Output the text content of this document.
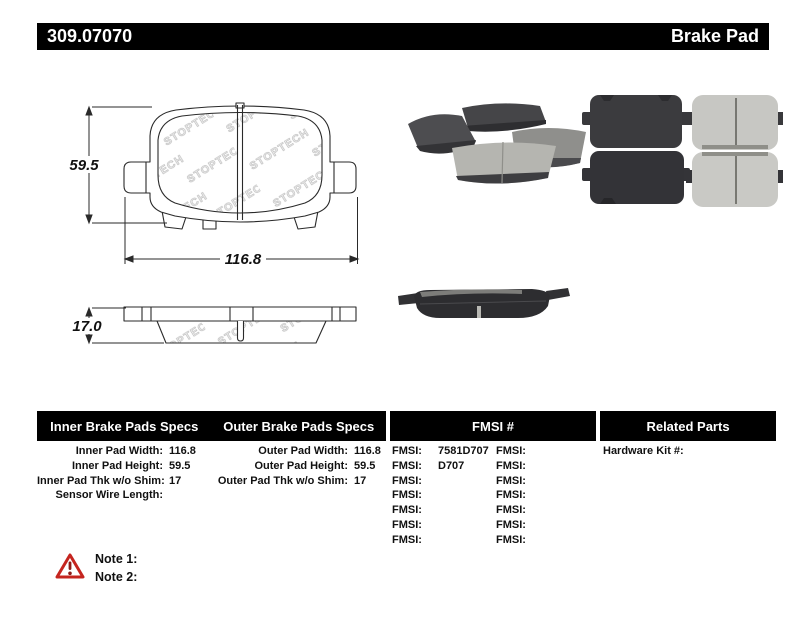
309.07070	Brake Pad
59.5
116.8
17.0
Inner Brake Pads Specs	Outer Brake Pads Specs	FMSI #	Related Parts
Inner Pad Width: 116.8
Inner Pad Height: 59.5
Inner Pad Thk w/o Shim: 17
Sensor Wire Length:
Outer Pad Width: 116.8
Outer Pad Height: 59.5
Outer Pad Thk w/o Shim: 17
FMSI: 7581D707
FMSI: D707
FMSI:
FMSI:
FMSI:
FMSI:
FMSI:
FMSI:
FMSI:
FMSI:
FMSI:
FMSI:
FMSI:
FMSI:
Hardware Kit #:
Note 1:
Note 2:
